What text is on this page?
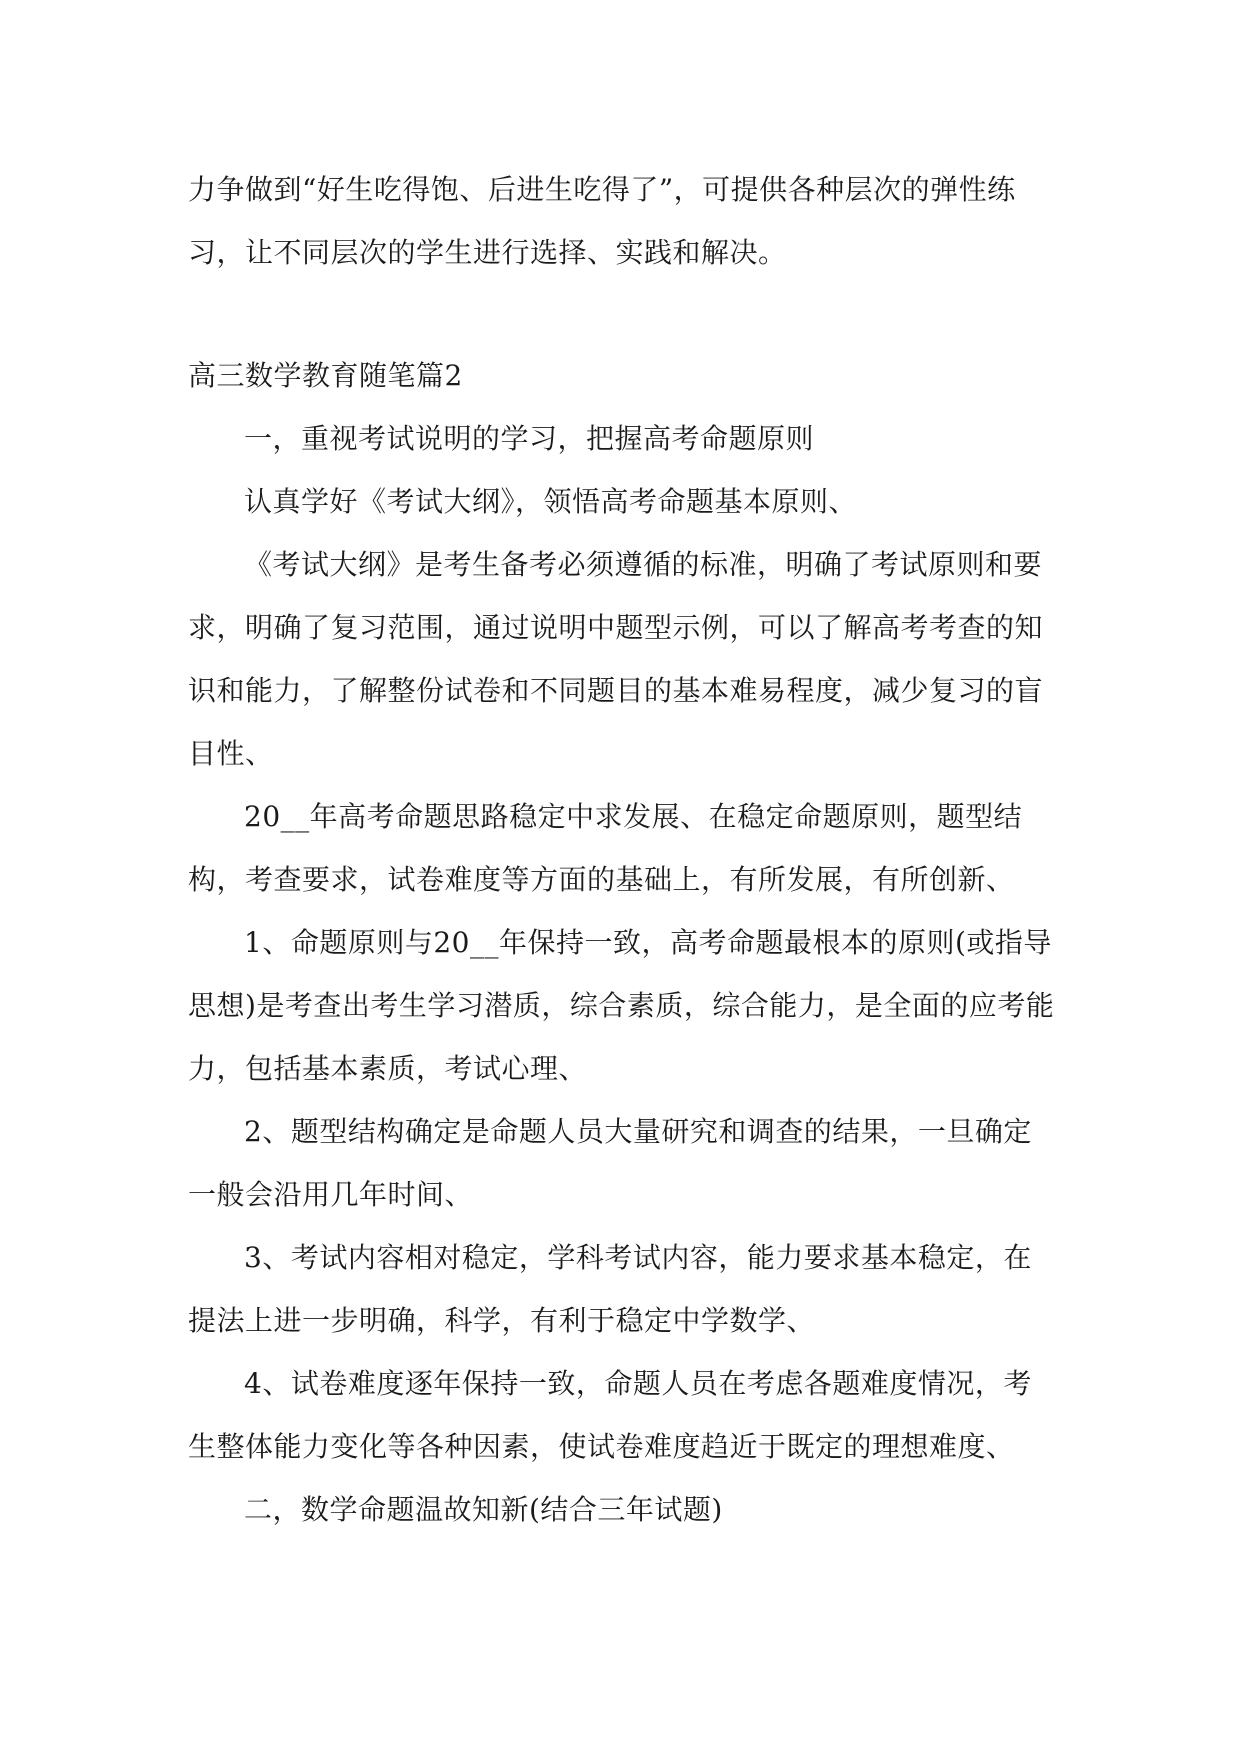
力争做到“好生吃得饱、后进生吃得了”，可提供各种层次的弹性练习，让不同层次的学生进行选择、实践和解决。

高三数学教育随笔篇2

一，重视考试说明的学习，把握高考命题原则

认真学好《考试大纲》，领悟高考命题基本原则、

《考试大纲》是考生备考必须遵循的标准，明确了考试原则和要求，明确了复习范围，通过说明中题型示例，可以了解高考考查的知识和能力，了解整份试卷和不同题目的基本难易程度，减少复习的盲目性、

20__年高考命题思路稳定中求发展、在稳定命题原则，题型结构，考查要求，试卷难度等方面的基础上，有所发展，有所创新、

1、命题原则与20__年保持一致，高考命题最根本的原则(或指导思想)是考查出考生学习潜质，综合素质，综合能力，是全面的应考能力，包括基本素质，考试心理、

2、题型结构确定是命题人员大量研究和调查的结果，一旦确定一般会沿用几年时间、

3、考试内容相对稳定，学科考试内容，能力要求基本稳定，在提法上进一步明确，科学，有利于稳定中学数学、

4、试卷难度逐年保持一致，命题人员在考虑各题难度情况，考生整体能力变化等各种因素，使试卷难度趋近于既定的理想难度、

二，数学命题温故知新(结合三年试题)
